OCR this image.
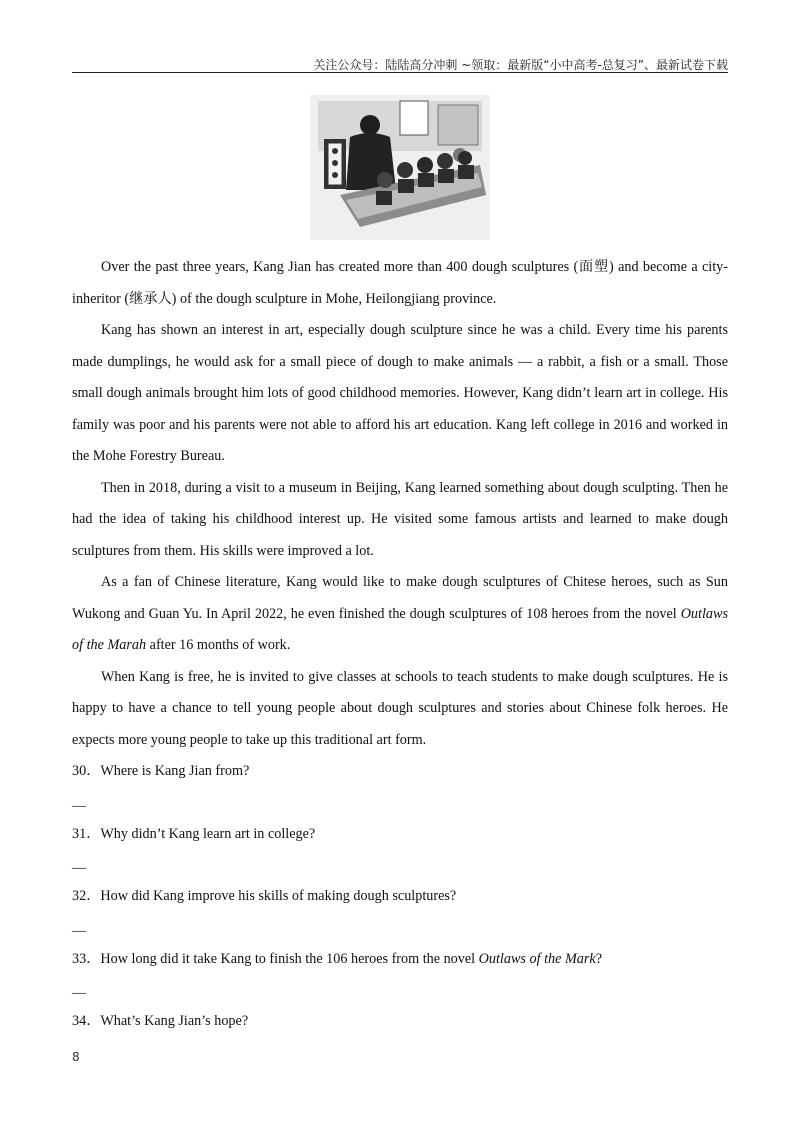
关注公众号：陆陆高分冲刺 ~领取：最新版“小中高考-总复习”、最新试卷下载

Over the past three years, Kang Jian has created more than 400 dough sculptures (面塑) and become a city-inheritor (继承人) of the dough sculpture in Mohe, Heilongjiang province.

Kang has shown an interest in art, especially dough sculpture since he was a child. Every time his parents made dumplings, he would ask for a small piece of dough to make animals — a rabbit, a fish or a small. Those small dough animals brought him lots of good childhood memories. However, Kang didn’t learn art in college. His family was poor and his parents were not able to afford his art education. Kang left college in 2016 and worked in the Mohe Forestry Bureau.

Then in 2018, during a visit to a museum in Beijing, Kang learned something about dough sculpting. Then he had the idea of taking his childhood interest up. He visited some famous artists and learned to make dough sculptures from them. His skills were improved a lot.

As a fan of Chinese literature, Kang would like to make dough sculptures of Chitese heroes, such as Sun Wukong and Guan Yu. In April 2022, he even finished the dough sculptures of 108 heroes from the novel Outlaws of the Marah after 16 months of work.

When Kang is free, he is invited to give classes at schools to teach students to make dough sculptures. He is happy to have a chance to tell young people about dough sculptures and stories about Chinese folk heroes. He expects more young people to take up this traditional art form.

30．Where is Kang Jian from?
__
31．Why didn’t Kang learn art in college?
__
32．How did Kang improve his skills of making dough sculptures?
__
33．How long did it take Kang to finish the 106 heroes from the novel Outlaws of the Mark?
__
34．What’s Kang Jian’s hope?
8
